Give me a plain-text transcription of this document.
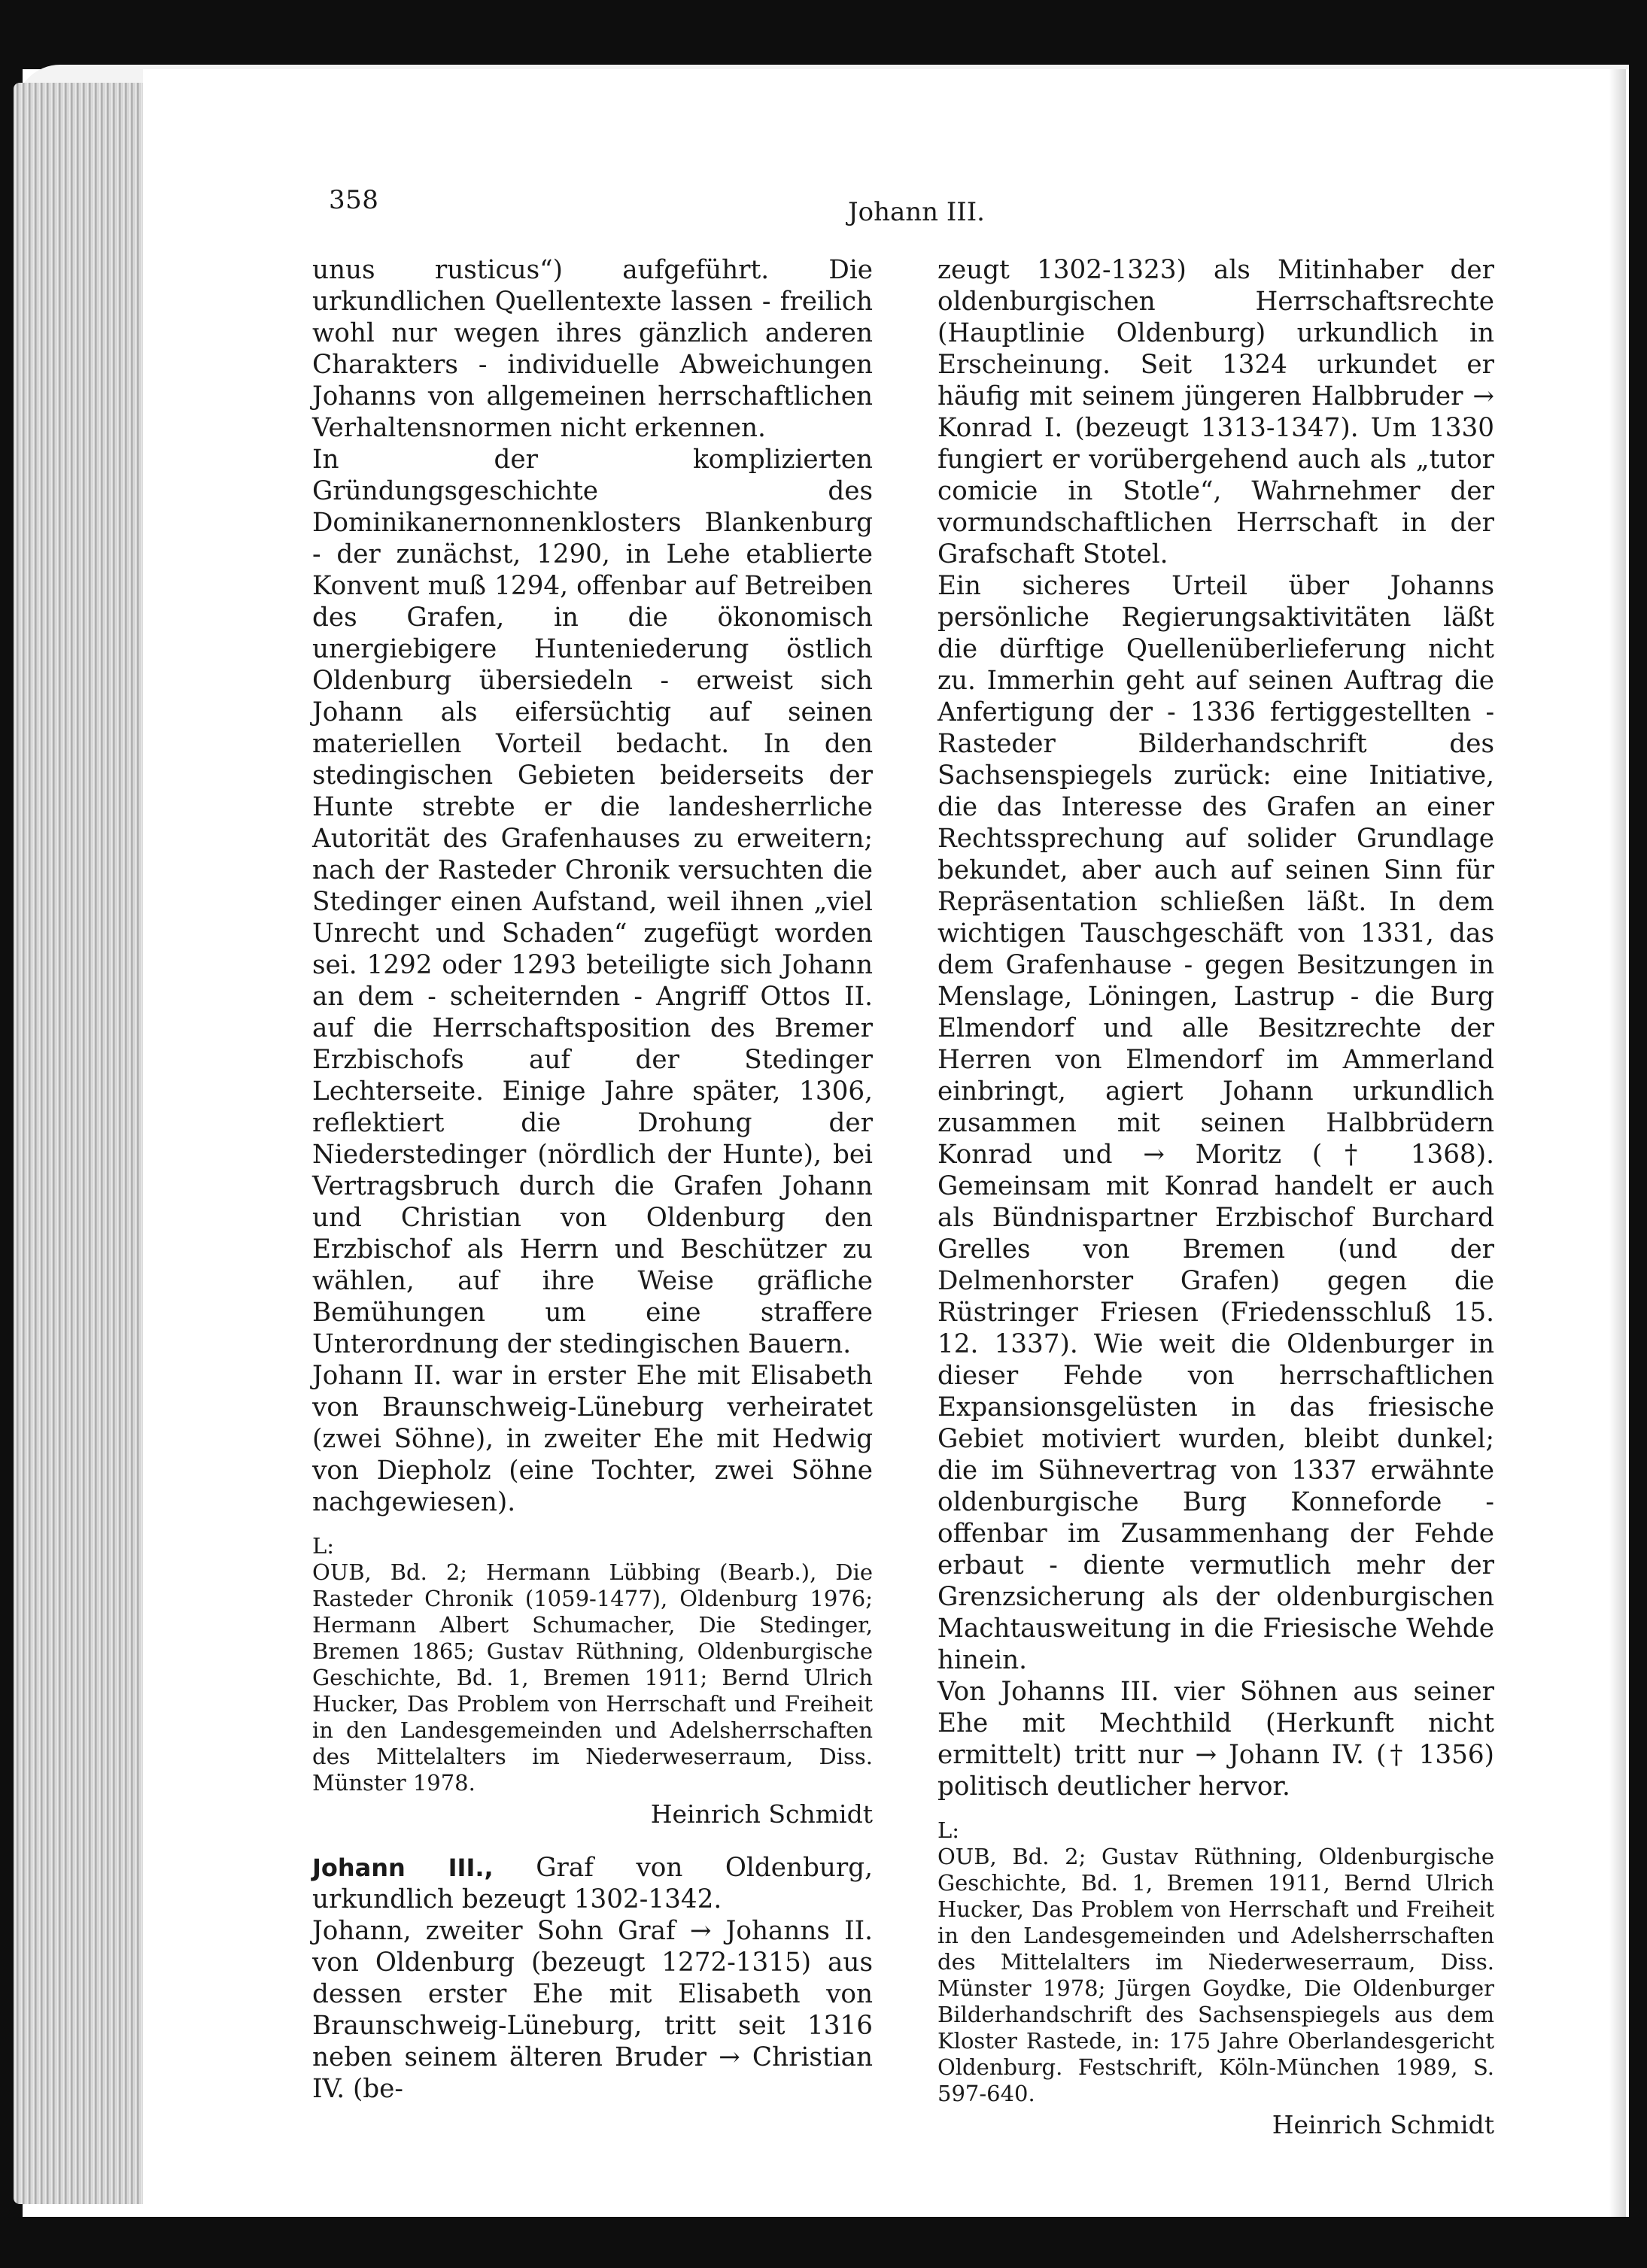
358	Johann III.

unus rusticus“) aufgeführt. Die urkundlichen Quellentexte lassen - freilich wohl nur wegen ihres gänzlich anderen Charakters - individuelle Abweichungen Johanns von allgemeinen herrschaftlichen Verhaltensnormen nicht erkennen.

In der komplizierten Gründungsgeschichte des Dominikanernonnenklosters Blankenburg - der zunächst, 1290, in Lehe etablierte Konvent muß 1294, offenbar auf Betreiben des Grafen, in die ökonomisch unergiebigere Hunteniederung östlich Oldenburg übersiedeln - erweist sich Johann als eifersüchtig auf seinen materiellen Vorteil bedacht. In den stedingischen Gebieten beiderseits der Hunte strebte er die landesherrliche Autorität des Grafenhauses zu erweitern; nach der Rasteder Chronik versuchten die Stedinger einen Aufstand, weil ihnen „viel Unrecht und Schaden“ zugefügt worden sei. 1292 oder 1293 beteiligte sich Johann an dem - scheiternden - Angriff Ottos II. auf die Herrschaftsposition des Bremer Erzbischofs auf der Stedinger Lechterseite. Einige Jahre später, 1306, reflektiert die Drohung der Niederstedinger (nördlich der Hunte), bei Vertragsbruch durch die Grafen Johann und Christian von Oldenburg den Erzbischof als Herrn und Beschützer zu wählen, auf ihre Weise gräfliche Bemühungen um eine straffere Unterordnung der stedingischen Bauern.

Johann II. war in erster Ehe mit Elisabeth von Braunschweig-Lüneburg verheiratet (zwei Söhne), in zweiter Ehe mit Hedwig von Diepholz (eine Tochter, zwei Söhne nachgewiesen).

L:
OUB, Bd. 2; Hermann Lübbing (Bearb.), Die Rasteder Chronik (1059-1477), Oldenburg 1976; Hermann Albert Schumacher, Die Stedinger, Bremen 1865; Gustav Rüthning, Oldenburgische Geschichte, Bd. 1, Bremen 1911; Bernd Ulrich Hucker, Das Problem von Herrschaft und Freiheit in den Landesgemeinden und Adelsherrschaften des Mittelalters im Niederweserraum, Diss. Münster 1978.
Heinrich Schmidt

Johann III., Graf von Oldenburg, urkundlich bezeugt 1302-1342.

Johann, zweiter Sohn Graf → Johanns II. von Oldenburg (bezeugt 1272-1315) aus dessen erster Ehe mit Elisabeth von Braunschweig-Lüneburg, tritt seit 1316 neben seinem älteren Bruder → Christian IV. (be-

zeugt 1302-1323) als Mitinhaber der oldenburgischen Herrschaftsrechte (Hauptlinie Oldenburg) urkundlich in Erscheinung. Seit 1324 urkundet er häufig mit seinem jüngeren Halbbruder → Konrad I. (bezeugt 1313-1347). Um 1330 fungiert er vorübergehend auch als „tutor comicie in Stotle“, Wahrnehmer der vormundschaftlichen Herrschaft in der Grafschaft Stotel.

Ein sicheres Urteil über Johanns persönliche Regierungsaktivitäten läßt die dürftige Quellenüberlieferung nicht zu. Immerhin geht auf seinen Auftrag die Anfertigung der - 1336 fertiggestellten - Rasteder Bilderhandschrift des Sachsenspiegels zurück: eine Initiative, die das Interesse des Grafen an einer Rechtssprechung auf solider Grundlage bekundet, aber auch auf seinen Sinn für Repräsentation schließen läßt. In dem wichtigen Tauschgeschäft von 1331, das dem Grafenhause - gegen Besitzungen in Menslage, Löningen, Lastrup - die Burg Elmendorf und alle Besitzrechte der Herren von Elmendorf im Ammerland einbringt, agiert Johann urkundlich zusammen mit seinen Halbbrüdern Konrad und → Moritz († 1368). Gemeinsam mit Konrad handelt er auch als Bündnispartner Erzbischof Burchard Grelles von Bremen (und der Delmenhorster Grafen) gegen die Rüstringer Friesen (Friedensschluß 15. 12. 1337). Wie weit die Oldenburger in dieser Fehde von herrschaftlichen Expansionsgelüsten in das friesische Gebiet motiviert wurden, bleibt dunkel; die im Sühnevertrag von 1337 erwähnte oldenburgische Burg Konneforde - offenbar im Zusammenhang der Fehde erbaut - diente vermutlich mehr der Grenzsicherung als der oldenburgischen Machtausweitung in die Friesische Wehde hinein.

Von Johanns III. vier Söhnen aus seiner Ehe mit Mechthild (Herkunft nicht ermittelt) tritt nur → Johann IV. († 1356) politisch deutlicher hervor.

L:
OUB, Bd. 2; Gustav Rüthning, Oldenburgische Geschichte, Bd. 1, Bremen 1911, Bernd Ulrich Hucker, Das Problem von Herrschaft und Freiheit in den Landesgemeinden und Adelsherrschaften des Mittelalters im Niederweserraum, Diss. Münster 1978; Jürgen Goydke, Die Oldenburger Bilderhandschrift des Sachsenspiegels aus dem Kloster Rastede, in: 175 Jahre Oberlandesgericht Oldenburg. Festschrift, Köln-München 1989, S. 597-640.
Heinrich Schmidt
